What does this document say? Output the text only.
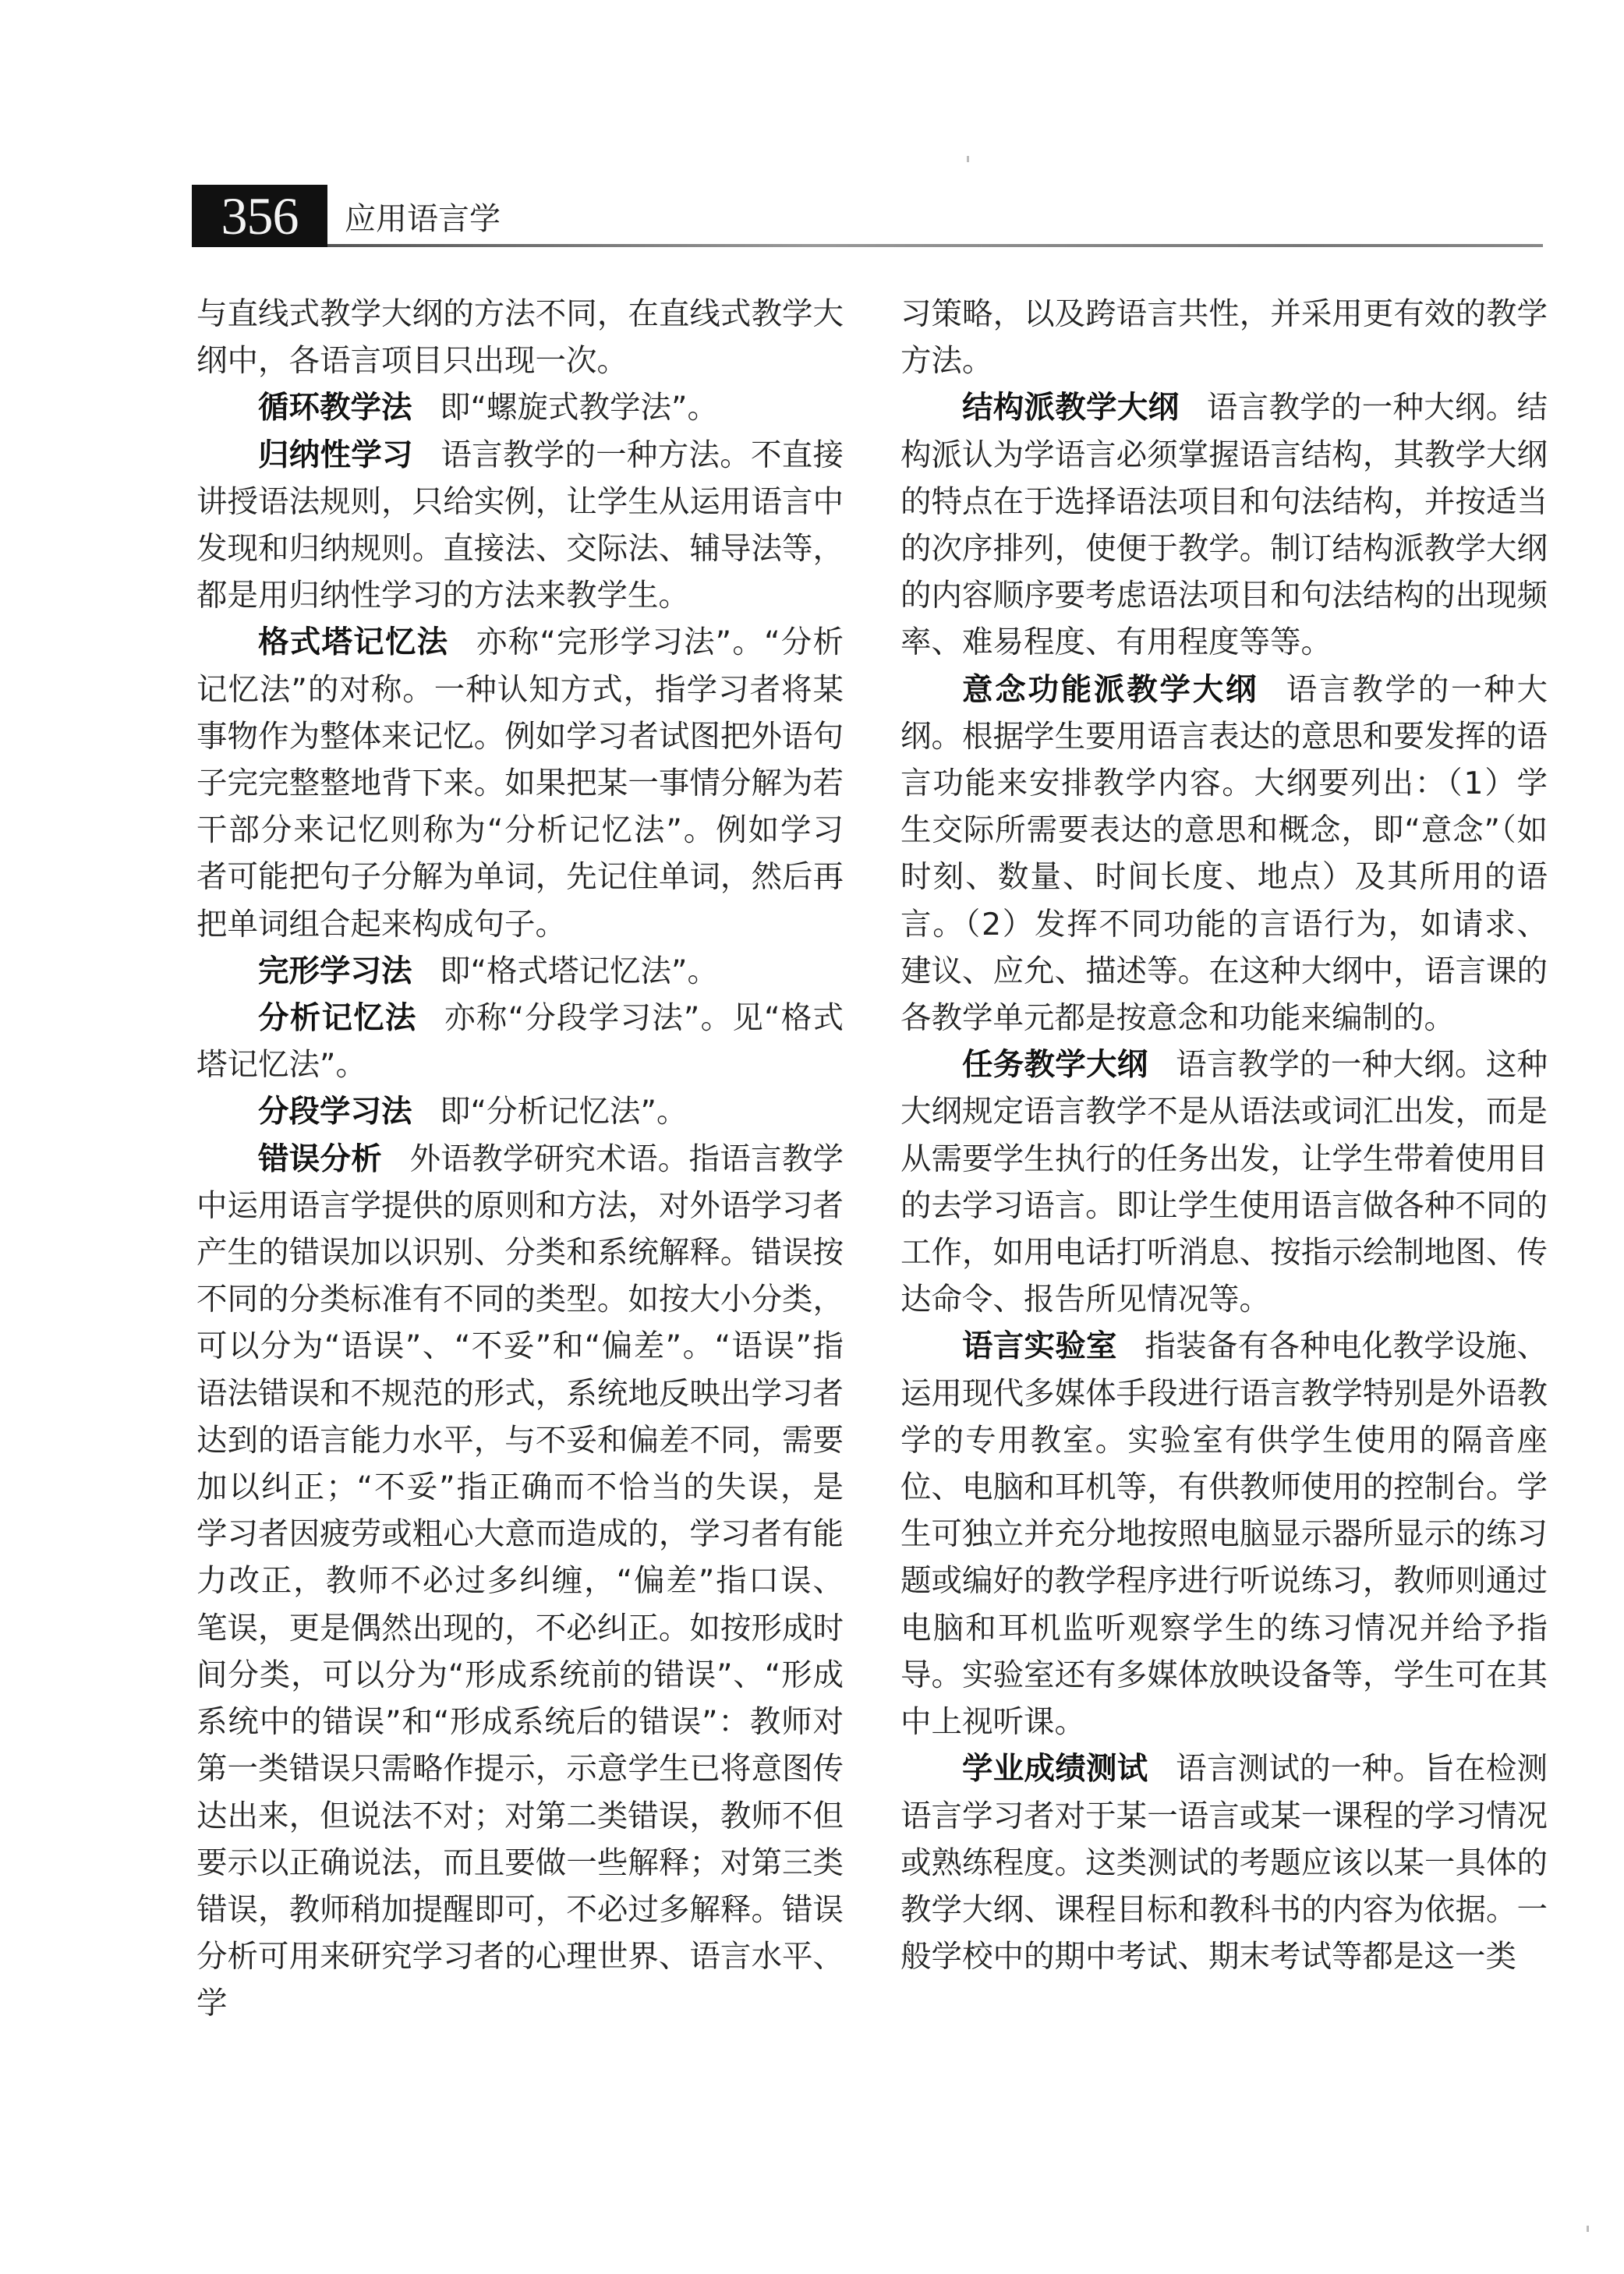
356	应用语言学

与直线式教学大纲的方法不同，在直线式教学大纲中，各语言项目只出现一次。

循环教学法 即“螺旋式教学法”。

归纳性学习 语言教学的一种方法。不直接讲授语法规则，只给实例，让学生从运用语言中发现和归纳规则。直接法、交际法、辅导法等，都是用归纳性学习的方法来教学生。

格式塔记忆法 亦称“完形学习法”。“分析记忆法”的对称。一种认知方式，指学习者将某事物作为整体来记忆。例如学习者试图把外语句子完完整整地背下来。如果把某一事情分解为若干部分来记忆则称为“分析记忆法”。例如学习者可能把句子分解为单词，先记住单词，然后再把单词组合起来构成句子。

完形学习法 即“格式塔记忆法”。

分析记忆法 亦称“分段学习法”。见“格式塔记忆法”。

分段学习法 即“分析记忆法”。

错误分析 外语教学研究术语。指语言教学中运用语言学提供的原则和方法，对外语学习者产生的错误加以识别、分类和系统解释。错误按不同的分类标准有不同的类型。如按大小分类，可以分为“语误”、“不妥”和“偏差”。“语误”指语法错误和不规范的形式，系统地反映出学习者达到的语言能力水平，与不妥和偏差不同，需要加以纠正；“不妥”指正确而不恰当的失误，是学习者因疲劳或粗心大意而造成的，学习者有能力改正，教师不必过多纠缠，“偏差”指口误、笔误，更是偶然出现的，不必纠正。如按形成时间分类，可以分为“形成系统前的错误”、“形成系统中的错误”和“形成系统后的错误”：教师对第一类错误只需略作提示，示意学生已将意图传达出来，但说法不对；对第二类错误，教师不但要示以正确说法，而且要做一些解释；对第三类错误，教师稍加提醒即可，不必过多解释。错误分析可用来研究学习者的心理世界、语言水平、学

习策略，以及跨语言共性，并采用更有效的教学方法。

结构派教学大纲 语言教学的一种大纲。结构派认为学语言必须掌握语言结构，其教学大纲的特点在于选择语法项目和句法结构，并按适当的次序排列，使便于教学。制订结构派教学大纲的内容顺序要考虑语法项目和句法结构的出现频率、难易程度、有用程度等等。

意念功能派教学大纲 语言教学的一种大纲。根据学生要用语言表达的意思和要发挥的语言功能来安排教学内容。大纲要列出：（1）学生交际所需要表达的意思和概念，即“意念”（如时刻、数量、时间长度、地点）及其所用的语言。（2）发挥不同功能的言语行为，如请求、建议、应允、描述等。在这种大纲中，语言课的各教学单元都是按意念和功能来编制的。

任务教学大纲 语言教学的一种大纲。这种大纲规定语言教学不是从语法或词汇出发，而是从需要学生执行的任务出发，让学生带着使用目的去学习语言。即让学生使用语言做各种不同的工作，如用电话打听消息、按指示绘制地图、传达命令、报告所见情况等。

语言实验室 指装备有各种电化教学设施、运用现代多媒体手段进行语言教学特别是外语教学的专用教室。实验室有供学生使用的隔音座位、电脑和耳机等，有供教师使用的控制台。学生可独立并充分地按照电脑显示器所显示的练习题或编好的教学程序进行听说练习，教师则通过电脑和耳机监听观察学生的练习情况并给予指导。实验室还有多媒体放映设备等，学生可在其中上视听课。

学业成绩测试 语言测试的一种。旨在检测语言学习者对于某一语言或某一课程的学习情况或熟练程度。这类测试的考题应该以某一具体的教学大纲、课程目标和教科书的内容为依据。一般学校中的期中考试、期末考试等都是这一类
